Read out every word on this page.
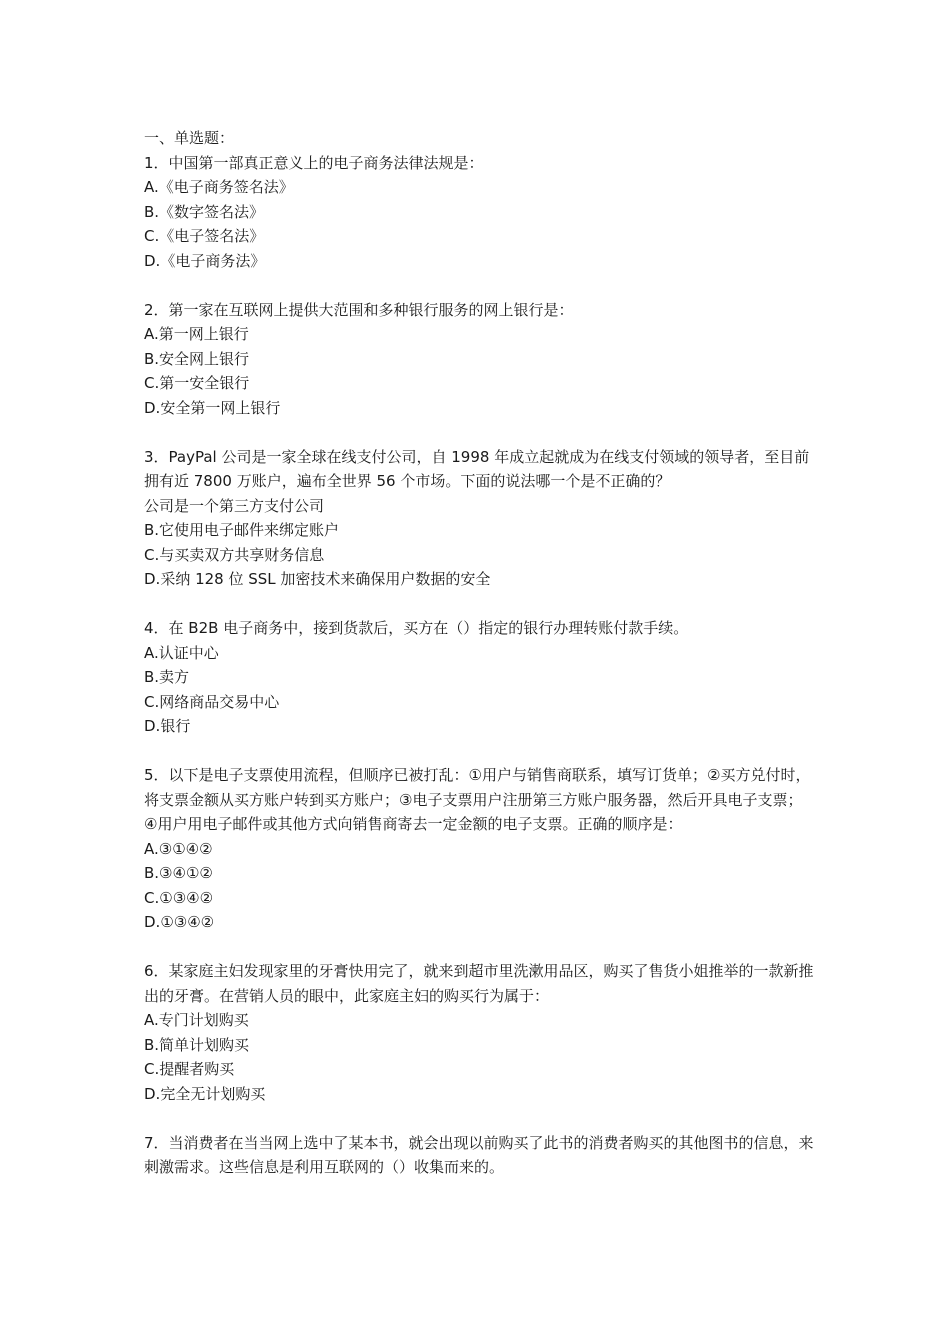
一、单选题：

1．中国第一部真正意义上的电子商务法律法规是：

A.《电子商务签名法》

B.《数字签名法》

C.《电子签名法》

D.《电子商务法》

2．第一家在互联网上提供大范围和多种银行服务的网上银行是：

A.第一网上银行

B.安全网上银行

C.第一安全银行

D.安全第一网上银行

3．PayPal 公司是一家全球在线支付公司，自 1998 年成立起就成为在线支付领域的领导者，至目前拥有近 7800 万账户，遍布全世界 56 个市场。下面的说法哪一个是不正确的？

公司是一个第三方支付公司

B.它使用电子邮件来绑定账户

C.与买卖双方共享财务信息

D.采纳 128 位 SSL 加密技术来确保用户数据的安全

4．在 B2B 电子商务中，接到货款后，买方在（）指定的银行办理转账付款手续。

A.认证中心

B.卖方

C.网络商品交易中心

D.银行

5．以下是电子支票使用流程，但顺序已被打乱：①用户与销售商联系，填写订货单；②买方兑付时，将支票金额从买方账户转到买方账户；③电子支票用户注册第三方账户服务器，然后开具电子支票；④用户用电子邮件或其他方式向销售商寄去一定金额的电子支票。正确的顺序是：

A.③①④②

B.③④①②

C.①③④②

D.①③④②

6．某家庭主妇发现家里的牙膏快用完了，就来到超市里洗漱用品区，购买了售货小姐推举的一款新推出的牙膏。在营销人员的眼中，此家庭主妇的购买行为属于：

A.专门计划购买

B.简单计划购买

C.提醒者购买

D.完全无计划购买

7．当消费者在当当网上选中了某本书，就会出现以前购买了此书的消费者购买的其他图书的信息，来刺激需求。这些信息是利用互联网的（）收集而来的。
